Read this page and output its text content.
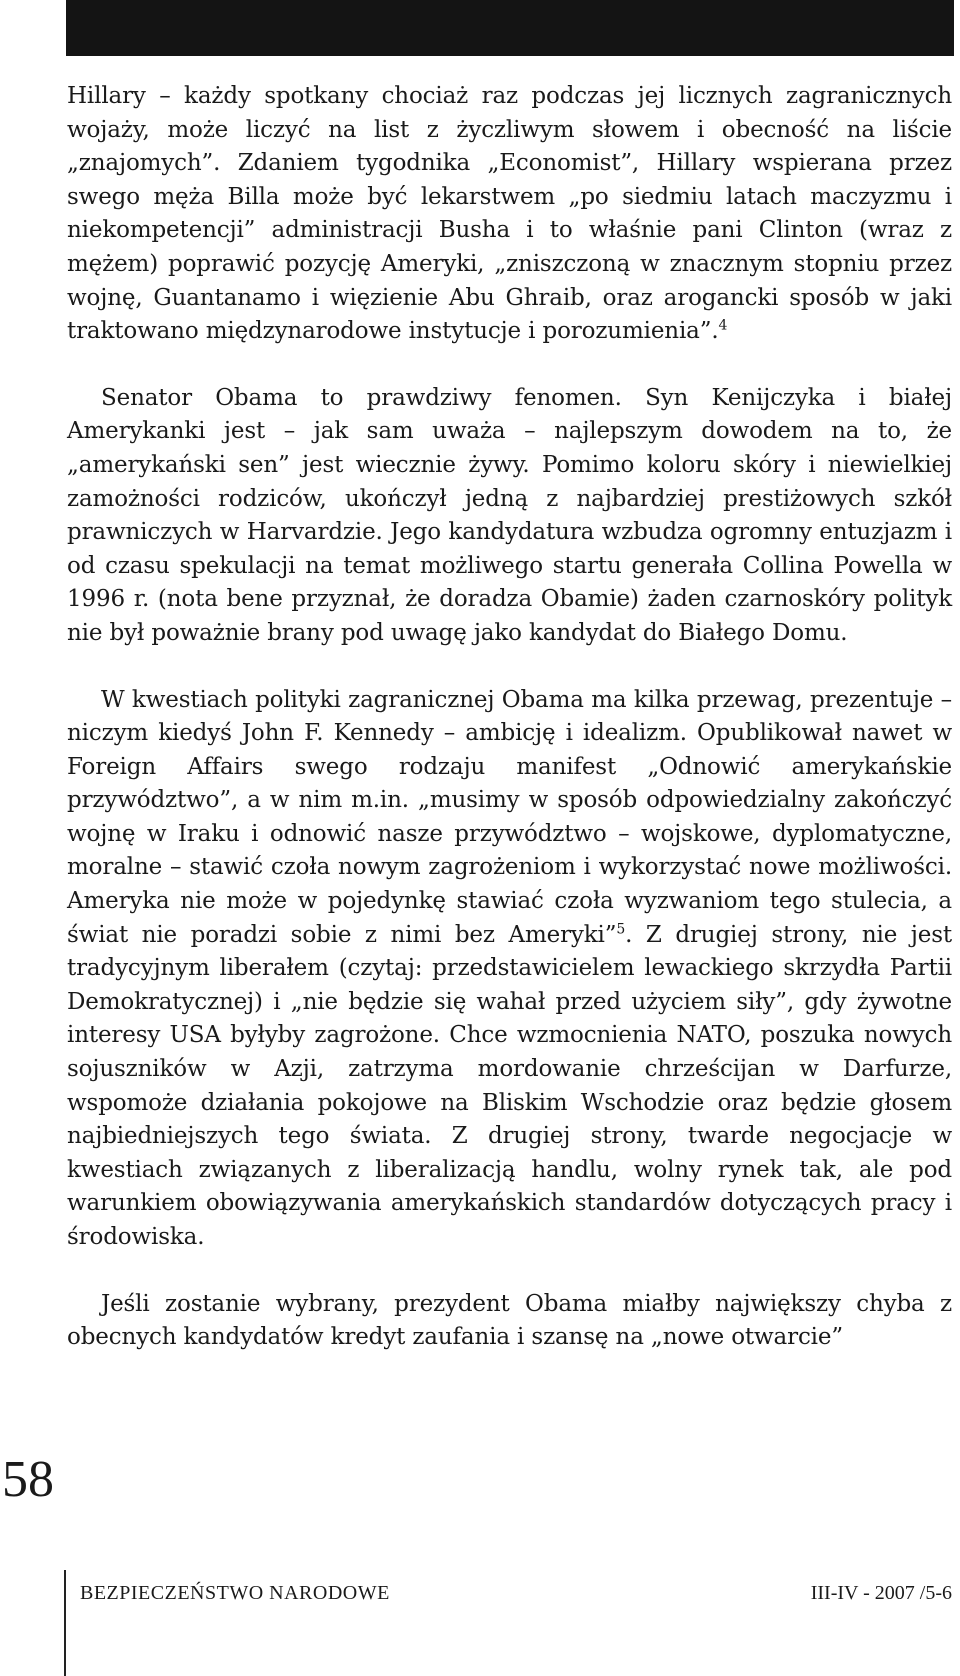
Hillary – każdy spotkany chociaż raz podczas jej licznych zagranicznych wojaży, może liczyć na list z życzliwym słowem i obecność na liście „znajomych”. Zdaniem tygodnika „Economist”, Hillary wspierana przez swego męża Billa może być lekarstwem „po siedmiu latach maczyzmu i niekompetencji” administracji Busha i to właśnie pani Clinton (wraz z mężem) poprawić pozycję Ameryki, „zniszczoną w znacznym stopniu przez wojnę, Guantanamo i więzienie Abu Ghraib, oraz arogancki sposób w jaki traktowano międzynarodowe instytucje i porozumienia”.$^4$

Senator Obama to prawdziwy fenomen. Syn Kenijczyka i białej Amerykanki jest – jak sam uważa – najlepszym dowodem na to, że „amerykański sen” jest wiecznie żywy. Pomimo koloru skóry i niewielkiej zamożności rodziców, ukończył jedną z najbardziej prestiżowych szkół prawniczych w Harvardzie. Jego kandydatura wzbudza ogromny entuzjazm i od czasu spekulacji na temat możliwego startu generała Collina Powella w 1996 r. (nota bene przyznał, że doradza Obamie) żaden czarnoskóry polityk nie był poważnie brany pod uwagę jako kandydat do Białego Domu.

W kwestiach polityki zagranicznej Obama ma kilka przewag, prezentuje – niczym kiedyś John F. Kennedy – ambicję i idealizm. Opublikował nawet w Foreign Affairs swego rodzaju manifest „Odnowić amerykańskie przywództwo”, a w nim m.in. „musimy w sposób odpowiedzialny zakończyć wojnę w Iraku i odnowić nasze przywództwo – wojskowe, dyplomatyczne, moralne – stawić czoła nowym zagrożeniom i wykorzystać nowe możliwości. Ameryka nie może w pojedynkę stawiać czoła wyzwaniom tego stulecia, a świat nie poradzi sobie z nimi bez Ameryki”$^5$. Z drugiej strony, nie jest tradycyjnym liberałem (czytaj: przedstawicielem lewackiego skrzydła Partii Demokratycznej) i „nie będzie się wahał przed użyciem siły”, gdy żywotne interesy USA byłyby zagrożone. Chce wzmocnienia NATO, poszuka nowych sojuszników w Azji, zatrzyma mordowanie chrześcijan w Darfurze, wspomoże działania pokojowe na Bliskim Wschodzie oraz będzie głosem najbiedniejszych tego świata. Z drugiej strony, twarde negocjacje w kwestiach związanych z liberalizacją handlu, wolny rynek tak, ale pod warunkiem obowiązywania amerykańskich standardów dotyczących pracy i środowiska.

Jeśli zostanie wybrany, prezydent Obama miałby największy chyba z obecnych kandydatów kredyt zaufania i szansę na „nowe otwarcie”

58
BEZPIECZEŃSTWO NARODOWE	III-IV - 2007 /5-6
